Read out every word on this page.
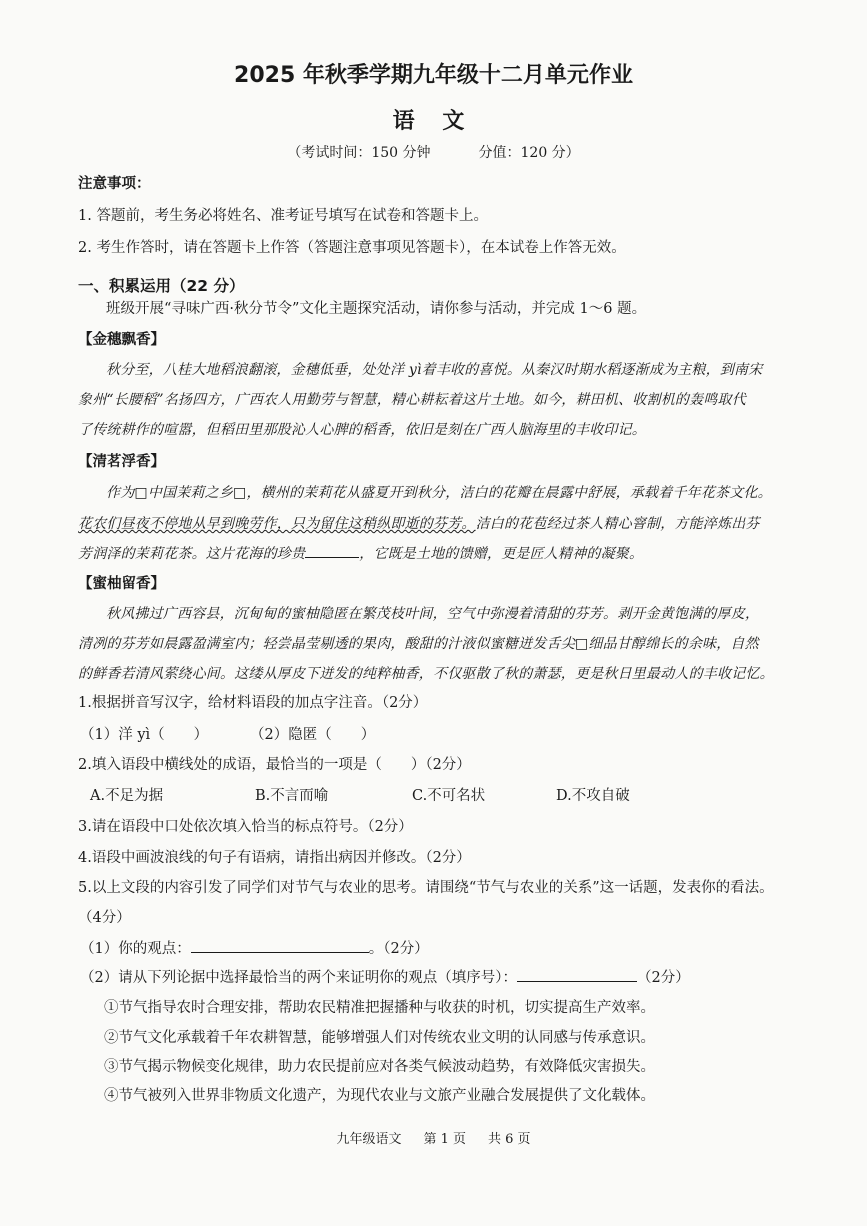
2025 年秋季学期九年级十二月单元作业
语 文
（考试时间：150 分钟	分值：120 分）
注意事项：
1. 答题前，考生务必将姓名、准考证号填写在试卷和答题卡上。
2. 考生作答时，请在答题卡上作答（答题注意事项见答题卡），在本试卷上作答无效。
一、积累运用（22 分）
班级开展“寻味广西·秋分节令”文化主题探究活动，请你参与活动，并完成 1～6 题。
【金穗飘香】
秋分至，八桂大地稻浪翻滚，金穗低垂，处处洋 yì着丰收的喜悦。从秦汉时期水稻逐渐成为主粮，到南宋
象州“长腰稻”名扬四方，广西农人用勤劳与智慧，精心耕耘着这片土地。如今，耕田机、收割机的轰鸣取代
了传统耕作的喧嚣，但稻田里那股沁人心脾的稻香，依旧是刻在广西人脑海里的丰收印记。
【清茗浮香】
作为□中国茉莉之乡□，横州的茉莉花从盛夏开到秋分，洁白的花瓣在晨露中舒展，承载着千年花茶文化。
花农们昼夜不停地从早到晚劳作，只为留住这稍纵即逝的芬芳。洁白的花苞经过茶人精心窨制，方能淬炼出芬
芳润泽的茉莉花茶。这片花海的珍贵	，它既是土地的馈赠，更是匠人精神的凝聚。
【蜜柚留香】
秋风拂过广西容县，沉甸甸的蜜柚隐匿在繁茂枝叶间，空气中弥漫着清甜的芬芳。剥开金黄饱满的厚皮，
清冽的芬芳如晨露盈满室内；轻尝晶莹剔透的果肉，酸甜的汁液似蜜糖迸发舌尖□细品甘醇绵长的余味，自然
的鲜香若清风萦绕心间。这缕从厚皮下迸发的纯粹柚香，不仅驱散了秋的萧瑟，更是秋日里最动人的丰收记忆。
1.根据拼音写汉字，给材料语段的加点字注音。（2分）
（1）洋 yì（　　）	（2）隐匿（　　）
2.填入语段中横线处的成语，最恰当的一项是（　　）（2分）
A.不足为据	B.不言而喻	C.不可名状	D.不攻自破
3.请在语段中口处依次填入恰当的标点符号。（2分）
4.语段中画波浪线的句子有语病，请指出病因并修改。（2分）
5.以上文段的内容引发了同学们对节气与农业的思考。请围绕“节气与农业的关系”这一话题，发表你的看法。
（4分）
（1）你的观点：	。（2分）
（2）请从下列论据中选择最恰当的两个来证明你的观点（填序号）：	（2分）
①节气指导农时合理安排，帮助农民精准把握播种与收获的时机，切实提高生产效率。
②节气文化承载着千年农耕智慧，能够增强人们对传统农业文明的认同感与传承意识。
③节气揭示物候变化规律，助力农民提前应对各类气候波动趋势，有效降低灾害损失。
④节气被列入世界非物质文化遗产，为现代农业与文旅产业融合发展提供了文化载体。
九年级语文 第 1 页 共 6 页
